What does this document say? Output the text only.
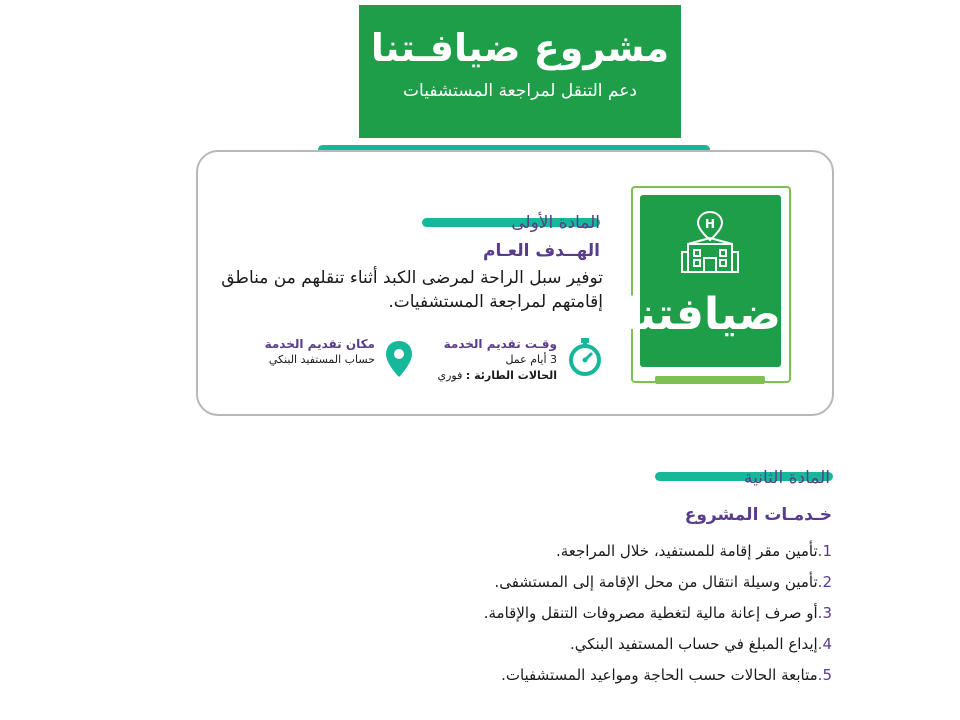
مشروع ضيافـتنا
دعم التنقل لمراجعة المستشفيات
H
ضيافتنا
المادة الأولى
الهــدف العـام
توفير سبل الراحة لمرضى الكبد أثناء تنقلهم من مناطق إقامتهم لمراجعة المستشفيات.
وقـت تقديم الخدمة
3 أيام عمل
الحالات الطارئة : فوري
مكان تقديم الخدمة
حساب المستفيد البنكي
المادة الثانية
خـدمـات المشروع
1.تأمين مقر إقامة للمستفيد، خلال المراجعة.
2.تأمين وسيلة انتقال من محل الإقامة إلى المستشفى.
3.أو صرف إعانة مالية لتغطية مصروفات التنقل والإقامة.
4.إيداع المبلغ في حساب المستفيد البنكي.
5.متابعة الحالات حسب الحاجة ومواعيد المستشفيات.
